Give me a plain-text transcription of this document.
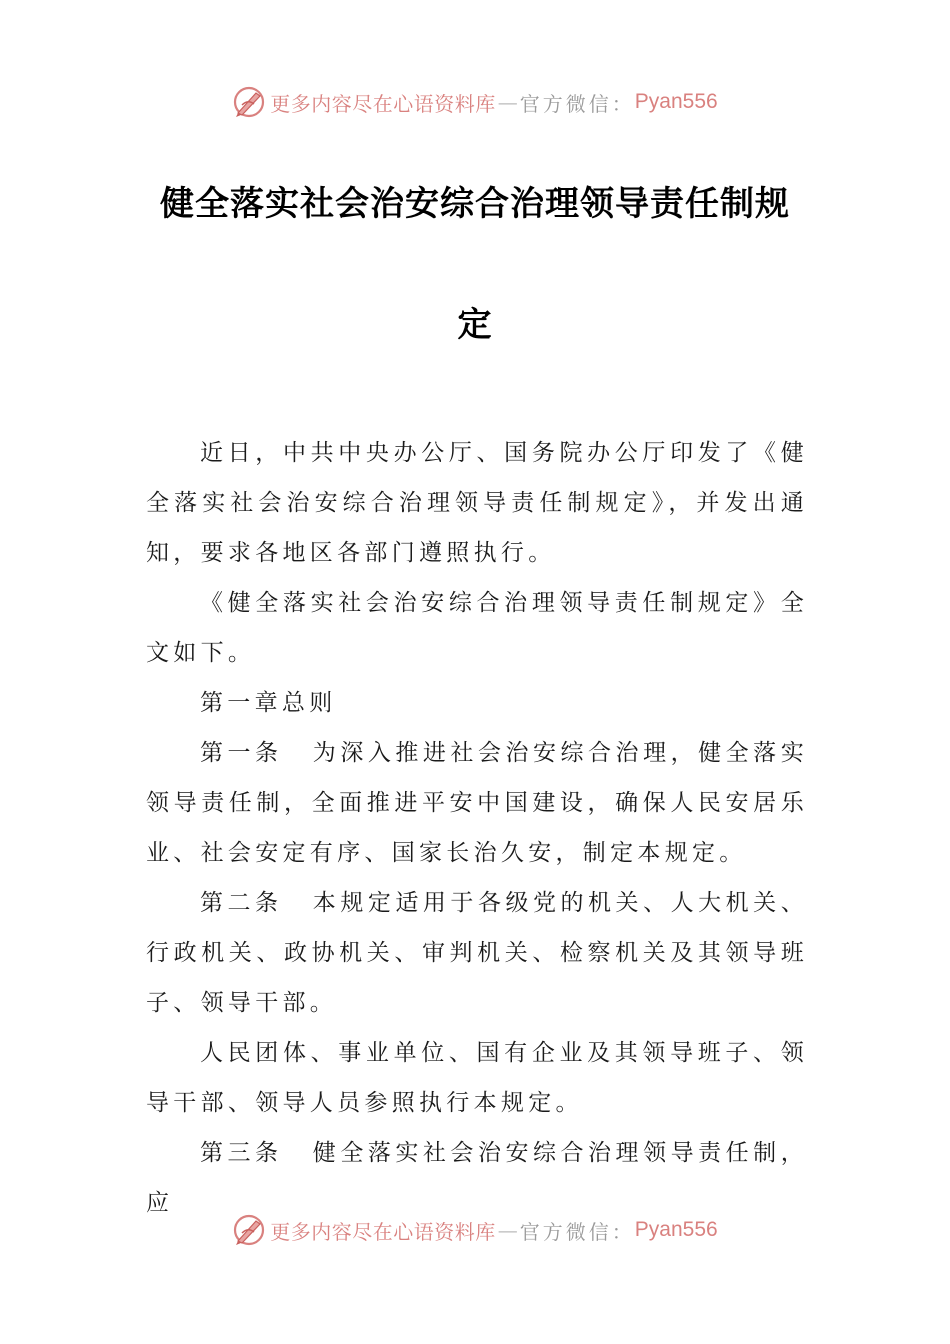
更多内容尽在心语资料库 — 官方微信： Pyan556
健全落实社会治安综合治理领导责任制规
定

近日，中共中央办公厅、国务院办公厅印发了《健全落实社会治安综合治理领导责任制规定》，并发出通知，要求各地区各部门遵照执行。

《健全落实社会治安综合治理领导责任制规定》全文如下。

第一章总则

第一条 为深入推进社会治安综合治理，健全落实领导责任制，全面推进平安中国建设，确保人民安居乐业、社会安定有序、国家长治久安，制定本规定。

第二条 本规定适用于各级党的机关、人大机关、行政机关、政协机关、审判机关、检察机关及其领导班子、领导干部。

人民团体、事业单位、国有企业及其领导班子、领导干部、领导人员参照执行本规定。

第三条 健全落实社会治安综合治理领导责任制，应

更多内容尽在心语资料库 — 官方微信： Pyan556
